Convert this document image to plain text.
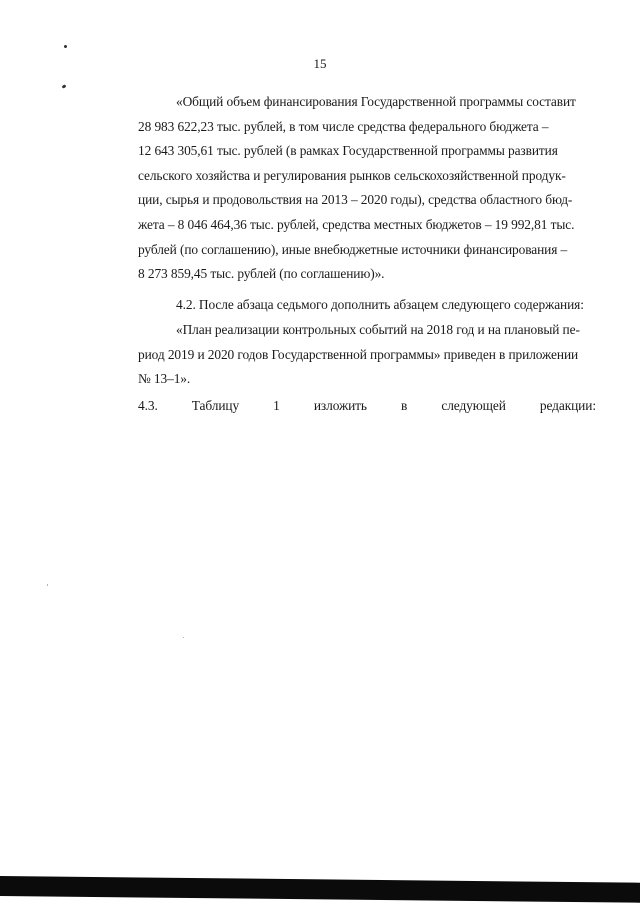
15
«Общий объем финансирования Государственной программы составит
28 983 622,23 тыс. рублей, в том числе средства федерального бюджета –
12 643 305,61 тыс. рублей (в рамках Государственной программы развития
сельского хозяйства и регулирования рынков сельскохозяйственной продук-
ции, сырья и продовольствия на 2013 – 2020 годы), средства областного бюд-
жета – 8 046 464,36 тыс. рублей, средства местных бюджетов – 19 992,81 тыс.
рублей (по соглашению), иные внебюджетные источники финансирования –
8 273 859,45 тыс. рублей (по соглашению)».
4.2. После абзаца седьмого дополнить абзацем следующего содержания:
«План реализации контрольных событий на 2018 год и на плановый пе-
риод 2019 и 2020 годов Государственной программы» приведен в приложении
№ 13–1».
4.3.	Таблицу	1	изложить	в	следующей	редакции:
